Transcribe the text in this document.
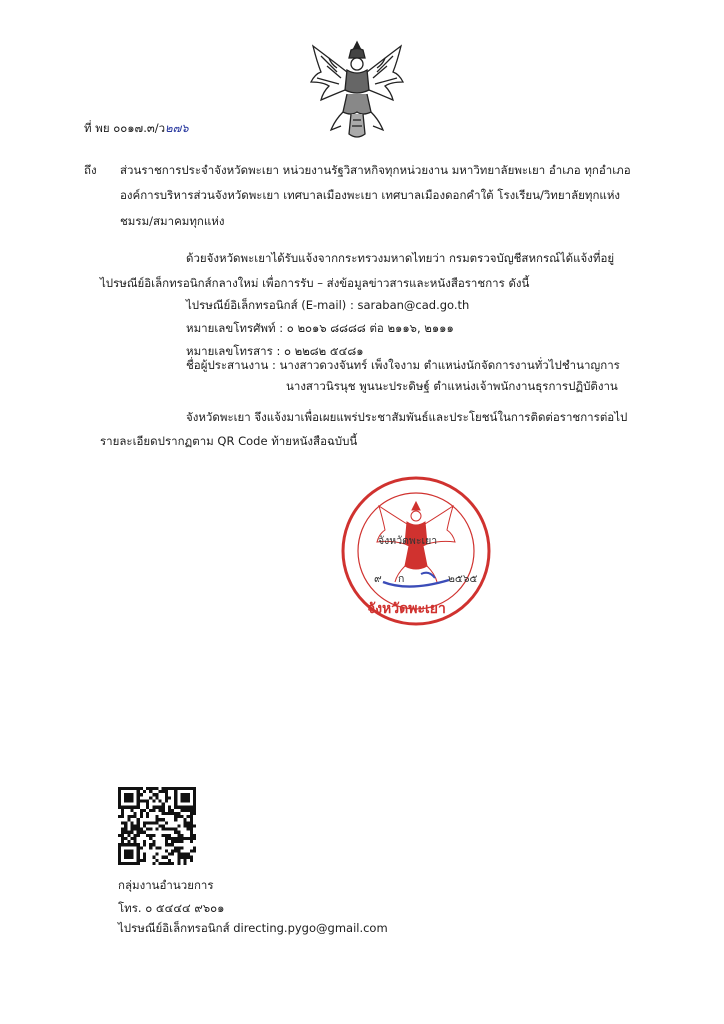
ที่ พย ๐๐๑๗.๓/ว๒๗๖
ถึง ส่วนราชการประจำจังหวัดพะเยา หน่วยงานรัฐวิสาหกิจทุกหน่วยงาน มหาวิทยาลัยพะเยา อำเภอ ทุกอำเภอ
องค์การบริหารส่วนจังหวัดพะเยา เทศบาลเมืองพะเยา เทศบาลเมืองดอกคำใต้ โรงเรียน/วิทยาลัยทุกแห่ง
ชมรม/สมาคมทุกแห่ง
ด้วยจังหวัดพะเยาได้รับแจ้งจากกระทรวงมหาดไทยว่า กรมตรวจบัญชีสหกรณ์ได้แจ้งที่อยู่
ไปรษณีย์อิเล็กทรอนิกส์กลางใหม่ เพื่อการรับ – ส่งข้อมูลข่าวสารและหนังสือราชการ ดังนี้
ไปรษณีย์อิเล็กทรอนิกส์ (E-mail) : saraban@cad.go.th
หมายเลขโทรศัพท์ : ๐ ๒๐๑๖ ๘๘๘๘ ต่อ ๒๑๑๖, ๒๑๑๑
หมายเลขโทรสาร : ๐ ๒๒๘๒ ๕๔๘๑
ชื่อผู้ประสานงาน : นางสาวดวงจันทร์ เพ็งใจงาม ตำแหน่งนักจัดการงานทั่วไปชำนาญการ
นางสาวนิรนุช พูนนะประดิษฐ์ ตำแหน่งเจ้าพนักงานธุรการปฏิบัติงาน
จังหวัดพะเยา จึงแจ้งมาเพื่อเผยแพร่ประชาสัมพันธ์และประโยชน์ในการติดต่อราชการต่อไป
รายละเอียดปรากฏตาม QR Code ท้ายหนังสือฉบับนี้
จังหวัดพะเยา
๙ ก	๒๕๖๕
จังหวัดพะเยา
กลุ่มงานอำนวยการ
โทร. ๐ ๕๔๔๔ ๙๖๐๑
ไปรษณีย์อิเล็กทรอนิกส์ directing.pygo@gmail.com
